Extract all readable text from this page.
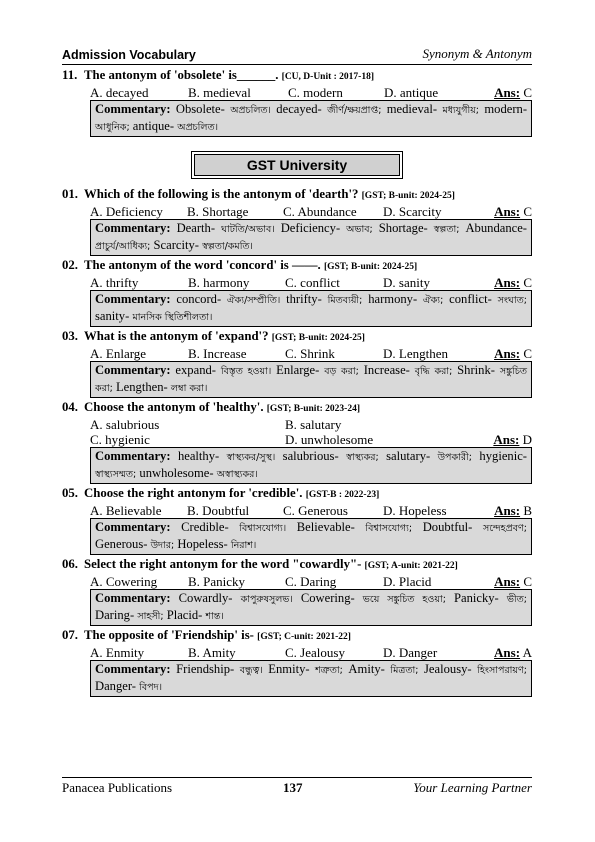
Admission Vocabulary	Synonym & Antonym
11. The antonym of 'obsolete' is______. [CU, D-Unit : 2017-18]
A. decayed	B. medieval	C. modern	D. antique	Ans: C
Commentary: Obsolete- অপ্রচলিত। decayed- জীর্ণ/ক্ষয়প্রাপ্ত; medieval- মধ্যযুগীয়; modern- আধুনিক; antique- অপ্রচলিত।
GST University
01. Which of the following is the antonym of 'dearth'? [GST; B-unit: 2024-25]
A. Deficiency	B. Shortage	C. Abundance	D. Scarcity	Ans: C
Commentary: Dearth- ঘাটতি/অভাব। Deficiency- অভাব; Shortage- স্বল্পতা; Abundance- প্রাচুর্য/আধিক্য; Scarcity- স্বল্পতা/কমতি।
02. The antonym of the word 'concord' is ——. [GST; B-unit: 2024-25]
A. thrifty	B. harmony	C. conflict	D. sanity	Ans: C
Commentary: concord- ঐক্য/সম্প্রীতি। thrifty- মিতব্যয়ী; harmony- ঐক্য; conflict- সংঘাত; sanity- মানসিক স্থিতিশীলতা।
03. What is the antonym of 'expand'? [GST; B-unit: 2024-25]
A. Enlarge	B. Increase	C. Shrink	D. Lengthen	Ans: C
Commentary: expand- বিস্তৃত হওয়া। Enlarge- বড় করা; Increase- বৃদ্ধি করা; Shrink- সঙ্কুচিত করা; Lengthen- লম্বা করা।
04. Choose the antonym of 'healthy'. [GST; B-unit: 2023-24]
A. salubrious	B. salutary
C. hygienic	D. unwholesome	Ans: D
Commentary: healthy- স্বাস্থ্যকর/সুস্থ। salubrious- স্বাস্থ্যকর; salutary- উপকারী; hygienic- স্বাস্থ্যসম্মত; unwholesome- অস্বাস্থ্যকর।
05. Choose the right antonym for 'credible'. [GST-B : 2022-23]
A. Believable	B. Doubtful	C. Generous	D. Hopeless	Ans: B
Commentary: Credible- বিশ্বাসযোগ্য। Believable- বিশ্বাসযোগ্য; Doubtful- সন্দেহপ্রবণ; Generous- উদার; Hopeless- নিরাশ।
06. Select the right antonym for the word "cowardly"- [GST; A-unit: 2021-22]
A. Cowering	B. Panicky	C. Daring	D. Placid	Ans: C
Commentary: Cowardly- কাপুরুষসুলভ। Cowering- ভয়ে সঙ্কুচিত হওয়া; Panicky- ভীত; Daring- সাহসী; Placid- শান্ত।
07. The opposite of 'Friendship' is- [GST; C-unit: 2021-22]
A. Enmity	B. Amity	C. Jealousy	D. Danger	Ans: A
Commentary: Friendship- বন্ধুত্ব। Enmity- শত্রুতা; Amity- মিত্রতা; Jealousy- হিংসাপরায়ণ; Danger- বিপদ।
Panacea Publications	137	Your Learning Partner
